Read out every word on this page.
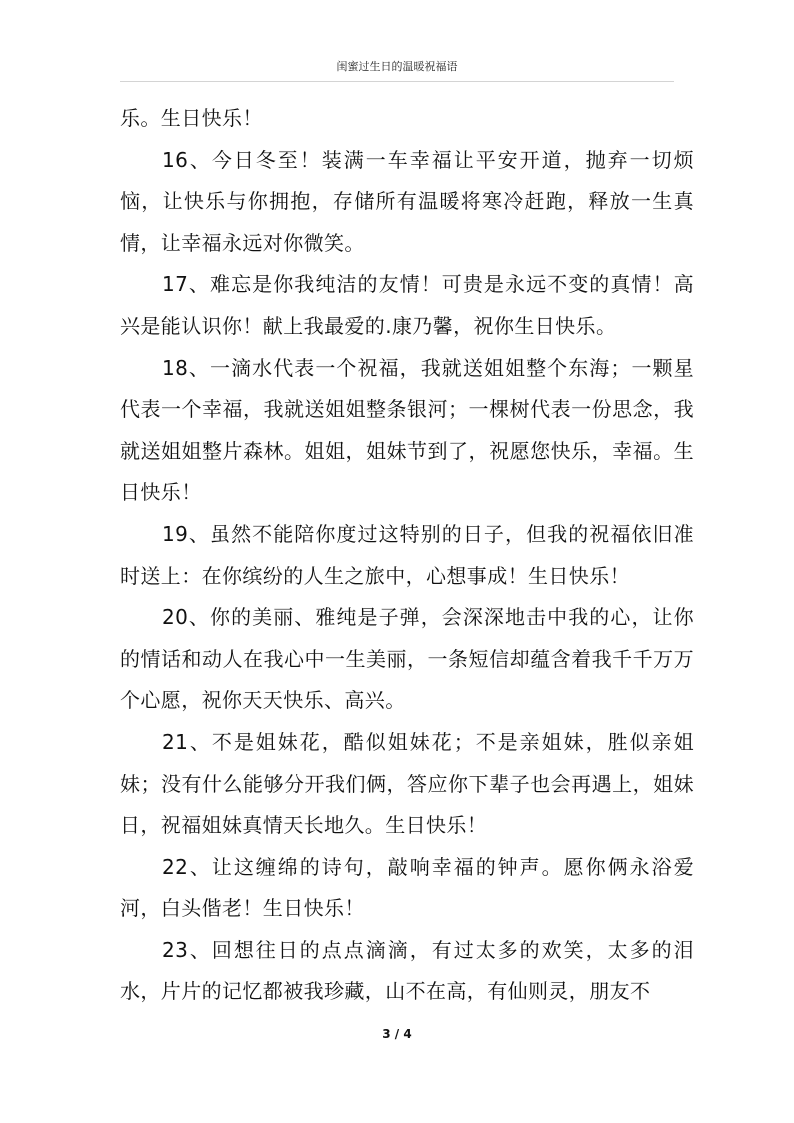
闺蜜过生日的温暖祝福语

乐。生日快乐！

16、今日冬至！装满一车幸福让平安开道，抛弃一切烦恼，让快乐与你拥抱，存储所有温暖将寒冷赶跑，释放一生真情，让幸福永远对你微笑。

17、难忘是你我纯洁的友情！可贵是永远不变的真情！高兴是能认识你！献上我最爱的.康乃馨，祝你生日快乐。

18、一滴水代表一个祝福，我就送姐姐整个东海；一颗星代表一个幸福，我就送姐姐整条银河；一棵树代表一份思念，我就送姐姐整片森林。姐姐，姐妹节到了，祝愿您快乐，幸福。生日快乐！

19、虽然不能陪你度过这特别的日子，但我的祝福依旧准时送上：在你缤纷的人生之旅中，心想事成！生日快乐！

20、你的美丽、雅纯是子弹，会深深地击中我的心，让你的情话和动人在我心中一生美丽，一条短信却蕴含着我千千万万个心愿，祝你天天快乐、高兴。

21、不是姐妹花，酷似姐妹花；不是亲姐妹，胜似亲姐妹；没有什么能够分开我们俩，答应你下辈子也会再遇上，姐妹日，祝福姐妹真情天长地久。生日快乐！

22、让这缠绵的诗句，敲响幸福的钟声。愿你俩永浴爱河，白头偕老！生日快乐！

23、回想往日的点点滴滴，有过太多的欢笑，太多的泪水，片片的记忆都被我珍藏，山不在高，有仙则灵，朋友不

3 / 4
